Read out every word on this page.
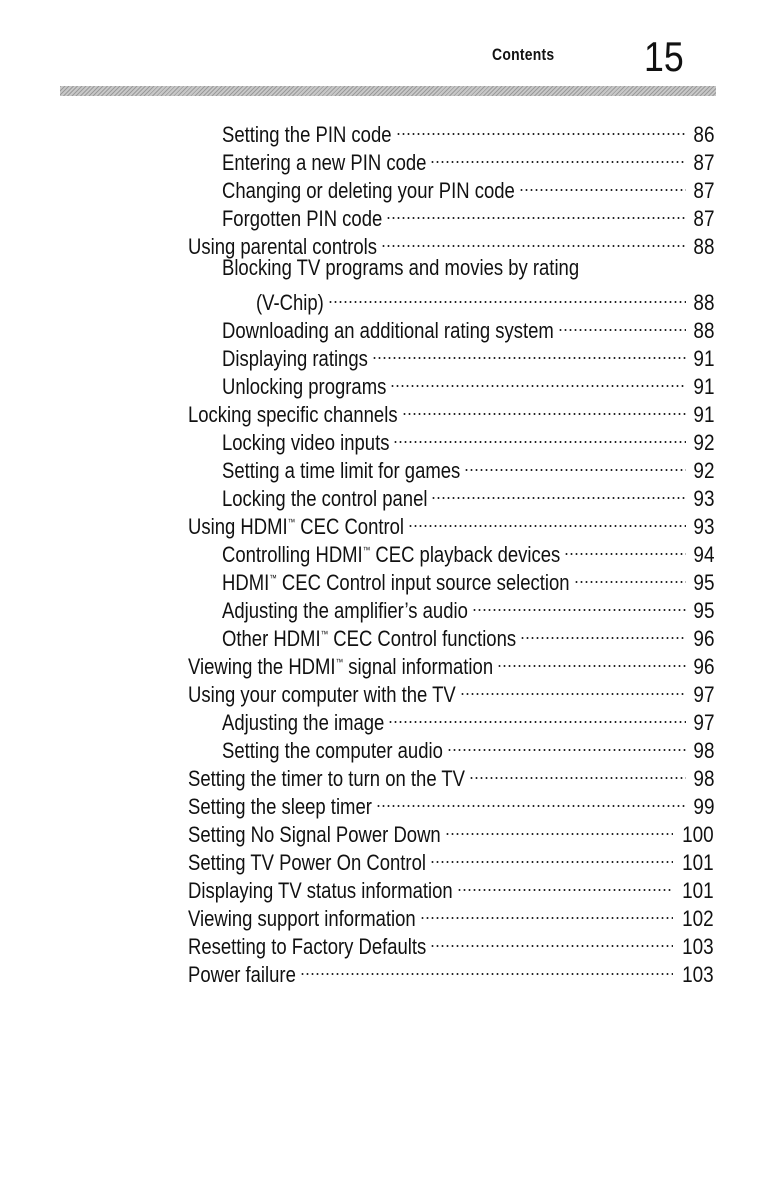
Contents 15
Setting the PIN code	86
Entering a new PIN code	87
Changing or deleting your PIN code	87
Forgotten PIN code	87
Using parental controls	88
Blocking TV programs and movies by rating
(V-Chip)	88
Downloading an additional rating system	88
Displaying ratings	91
Unlocking programs	91
Locking specific channels	91
Locking video inputs	92
Setting a time limit for games	92
Locking the control panel	93
Using HDMI™ CEC Control	93
Controlling HDMI™ CEC playback devices	94
HDMI™ CEC Control input source selection	95
Adjusting the amplifier’s audio	95
Other HDMI™ CEC Control functions	96
Viewing the HDMI™ signal information	96
Using your computer with the TV	97
Adjusting the image	97
Setting the computer audio	98
Setting the timer to turn on the TV	98
Setting the sleep timer	99
Setting No Signal Power Down	100
Setting TV Power On Control	101
Displaying TV status information	101
Viewing support information	102
Resetting to Factory Defaults	103
Power failure	103
